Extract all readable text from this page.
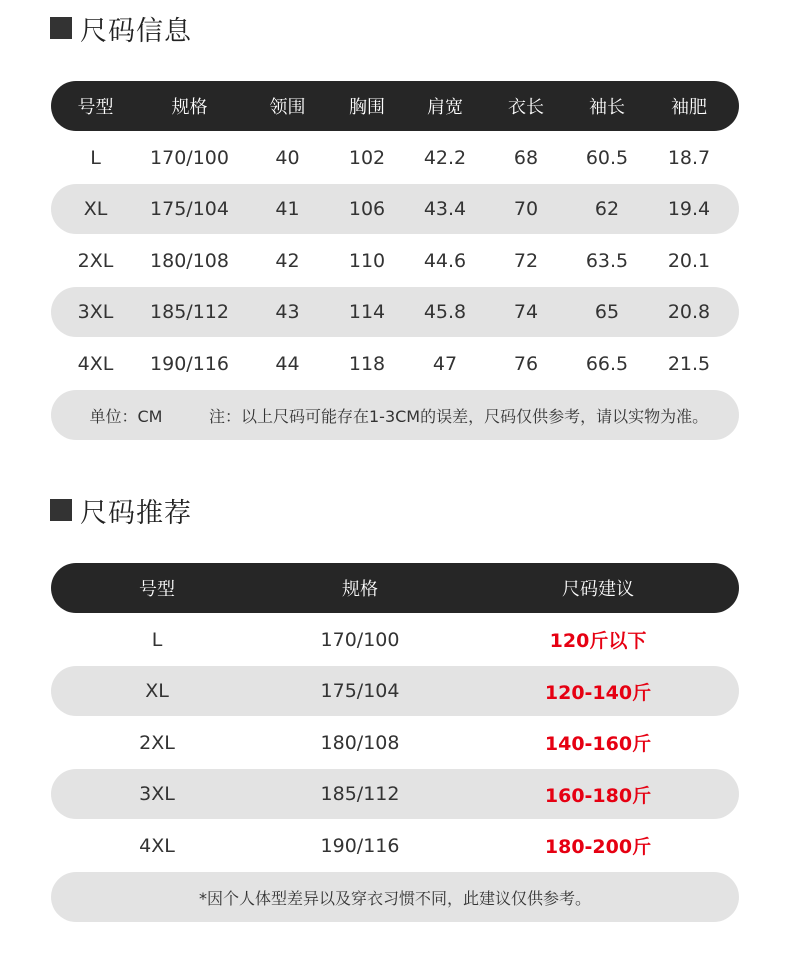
尺码信息
号型	规格	领围	胸围	肩宽	衣长	袖长	袖肥
L	170/100	40	102	42.2	68	60.5	18.7
XL	175/104	41	106	43.4	70	62	19.4
2XL	180/108	42	110	44.6	72	63.5	20.1
3XL	185/112	43	114	45.8	74	65	20.8
4XL	190/116	44	118	47	76	66.5	21.5
单位：CM	注：以上尺码可能存在1-3CM的误差，尺码仅供参考，请以实物为准。
尺码推荐
号型	规格	尺码建议
L	170/100	120斤以下
XL	175/104	120-140斤
2XL	180/108	140-160斤
3XL	185/112	160-180斤
4XL	190/116	180-200斤
*因个人体型差异以及穿衣习惯不同，此建议仅供参考。
